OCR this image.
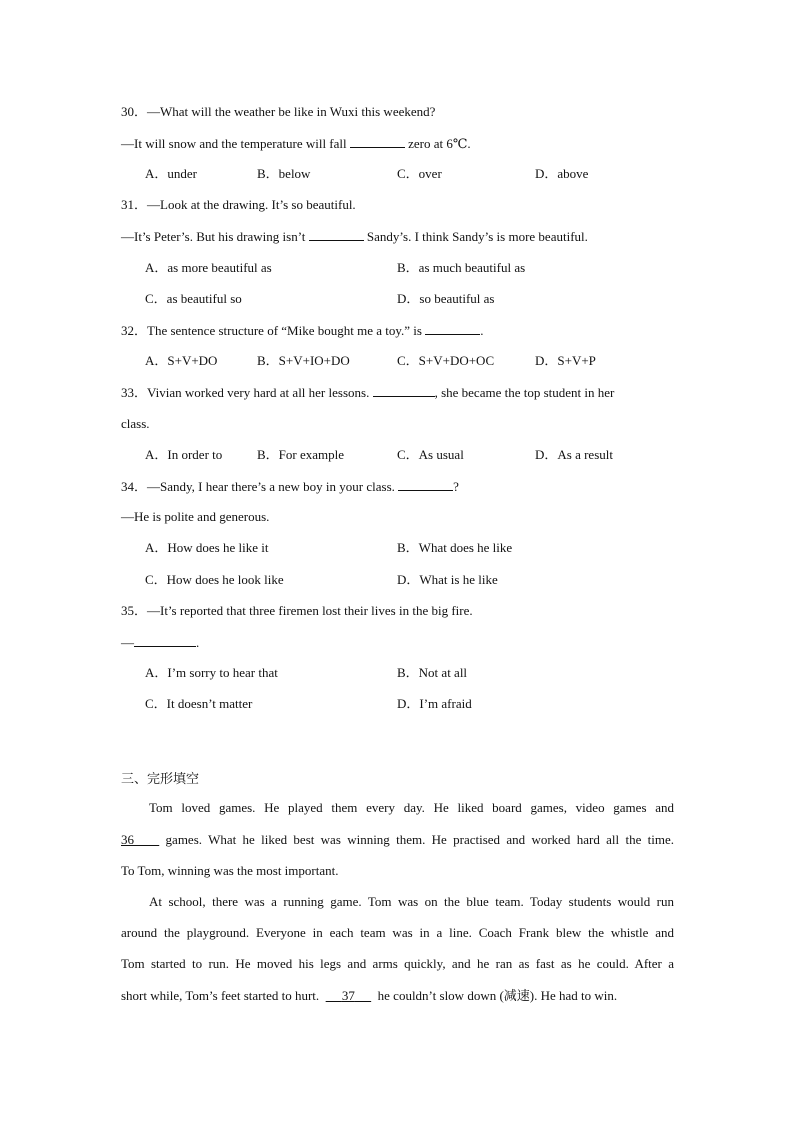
30．—What will the weather be like in Wuxi this weekend?
—It will snow and the temperature will fall	zero at 6℃.
A．under	B．below	C．over	D．above
31．—Look at the drawing. It’s so beautiful.
—It’s Peter’s. But his drawing isn’t	Sandy’s. I think Sandy’s is more beautiful.
A．as more beautiful as	B．as much beautiful as
C．as beautiful so	D．so beautiful as
32．The sentence structure of “Mike bought me a toy.” is	.
A．S+V+DO	B．S+V+IO+DO	C．S+V+DO+OC	D．S+V+P
33．Vivian worked very hard at all her lessons.	, she became the top student in her
class.
A．In order to	B．For example	C．As usual	D．As a result
34．—Sandy, I hear there’s a new boy in your class.	?
—He is polite and generous.
A．How does he like it	B．What does he like
C．How does he look like	D．What is he like
35．—It’s reported that three firemen lost their lives in the big fire.
—	.
A．I’m sorry to hear that	B．Not at all
C．It doesn’t matter	D．I’m afraid
三、完形填空
Tom loved games. He played them every day. He liked board games, video games and
36 games. What he liked best was winning them. He practised and worked hard all the time.
To Tom, winning was the most important.
At school, there was a running game. Tom was on the blue team. Today students would run
around the playground. Everyone in each team was in a line. Coach Frank blew the whistle and
Tom started to run. He moved his legs and arms quickly, and he ran as fast as he could. After a
short while, Tom’s feet started to hurt. 37 he couldn’t slow down (减速). He had to win.
